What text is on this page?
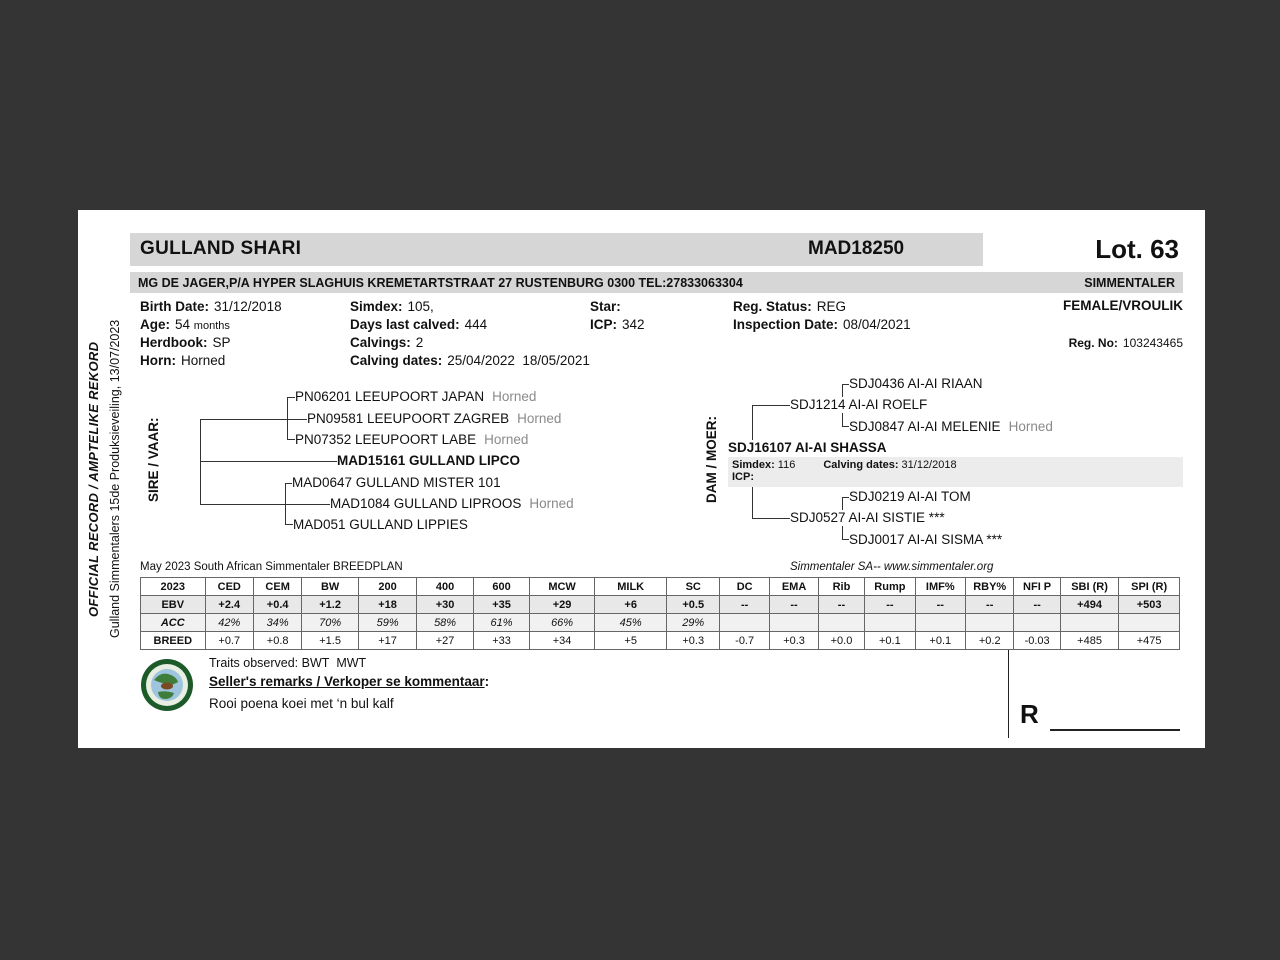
OFFICIAL RECORD / AMPTELIKE REKORD Gulland Simmentalers 15de Produksieveiling, 13/07/2023
GULLAND SHARI	MAD18250	Lot. 63
MG DE JAGER,P/A HYPER SLAGHUIS KREMETARTSTRAAT 27 RUSTENBURG 0300 TEL:27833063304	SIMMENTALER
Birth Date: 31/12/2018
Age: 54 months
Herdbook: SP
Horn: Horned
Simdex: 105,
Days last calved: 444
Calvings: 2
Calving dates: 25/04/2022  18/05/2021
Star:
ICP: 342
Reg. Status: REG
Inspection Date: 08/04/2021
FEMALE/VROULIK
Reg. No: 103243465
SIRE / VAAR:	DAM / MOER:
PN06201 LEEUPOORT JAPAN Horned
PN09581 LEEUPOORT ZAGREB Horned
PN07352 LEEUPOORT LABE Horned
MAD15161 GULLAND LIPCO
MAD0647 GULLAND MISTER 101
MAD1084 GULLAND LIPROOS Horned
MAD051 GULLAND LIPPIES
SDJ0436 AI-AI RIAAN
SDJ1214 AI-AI ROELF
SDJ0847 AI-AI MELENIE Horned
SDJ16107 AI-AI SHASSA
Simdex: 116	Calving dates: 31/12/2018
ICP:
SDJ0219 AI-AI TOM
SDJ0527 AI-AI SISTIE ***
SDJ0017 AI-AI SISMA ***
May 2023 South African Simmentaler BREEDPLAN	Simmentaler SA-- www.simmentaler.org
2023	CED	CEM	BW	200	400	600	MCW	MILK	SC	DC	EMA	Rib	Rump	IMF%	RBY%	NFI P	SBI (R)	SPI (R)
EBV	+2.4	+0.4	+1.2	+18	+30	+35	+29	+6	+0.5	--	--	--	--	--	--	--	+494	+503
ACC	42%	34%	70%	59%	58%	61%	66%	45%	29%									
BREED	+0.7	+0.8	+1.5	+17	+27	+33	+34	+5	+0.3	-0.7	+0.3	+0.0	+0.1	+0.1	+0.2	-0.03	+485	+475
Traits observed: BWT  MWT
Seller's remarks / Verkoper se kommentaar:
Rooi poena koei met ‘n bul kalf	R
